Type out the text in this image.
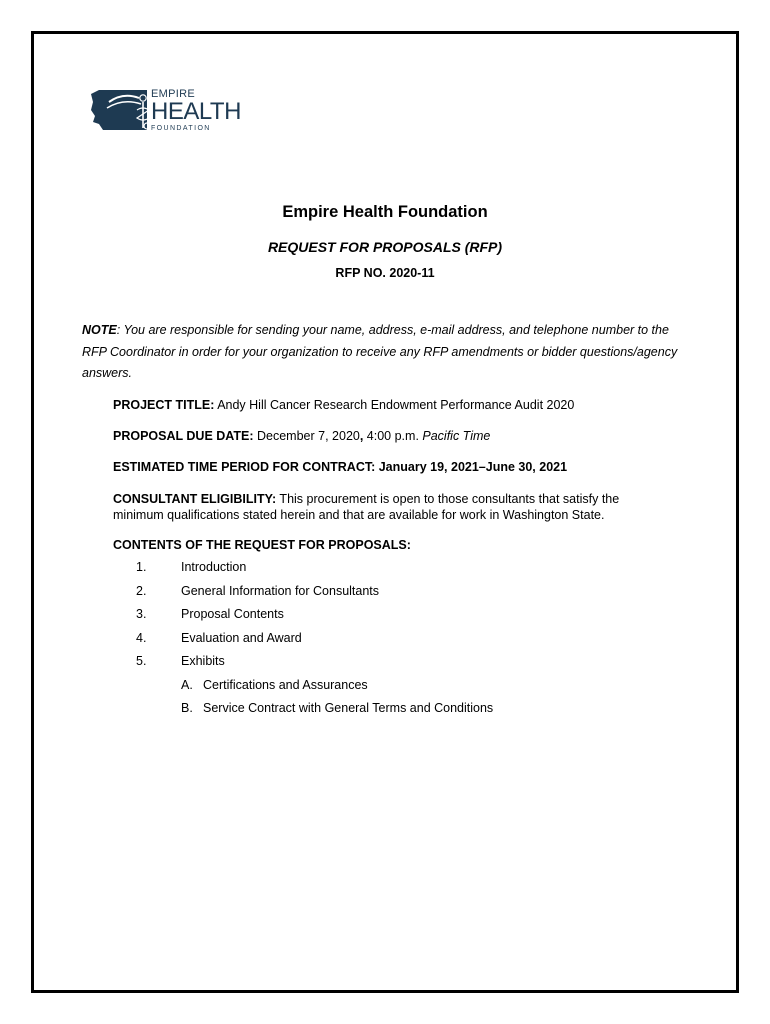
EMPIRE
HEALTH
FOUNDATION
Empire Health Foundation
REQUEST FOR PROPOSALS (RFP)
RFP NO. 2020-11
NOTE: You are responsible for sending your name, address, e-mail address, and telephone number to the RFP Coordinator in order for your organization to receive any RFP amendments or bidder questions/agency answers.
PROJECT TITLE: Andy Hill Cancer Research Endowment Performance Audit 2020
PROPOSAL DUE DATE: December 7, 2020, 4:00 p.m. Pacific Time
ESTIMATED TIME PERIOD FOR CONTRACT: January 19, 2021–June 30, 2021
CONSULTANT ELIGIBILITY: This procurement is open to those consultants that satisfy the minimum qualifications stated herein and that are available for work in Washington State.
CONTENTS OF THE REQUEST FOR PROPOSALS:
1.	Introduction
2.	General Information for Consultants
3.	Proposal Contents
4.	Evaluation and Award
5.	Exhibits
A. Certifications and Assurances
B. Service Contract with General Terms and Conditions
